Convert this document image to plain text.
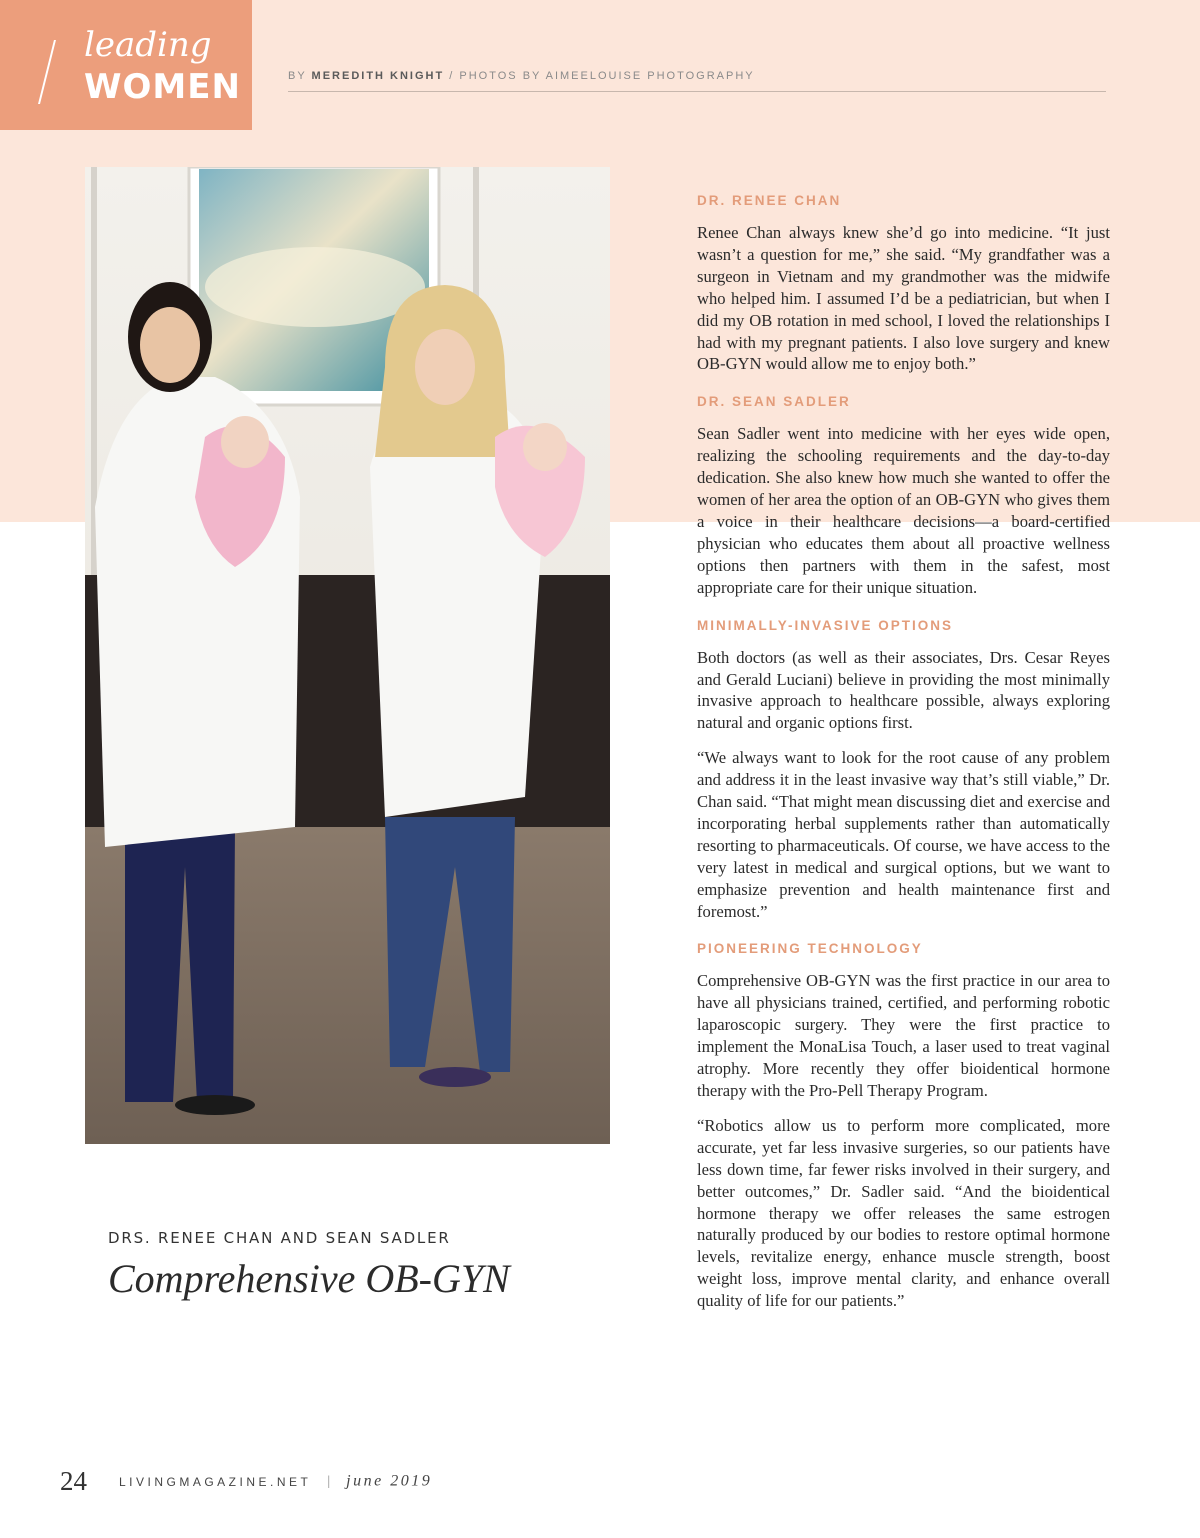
leading
WOMEN	BY MEREDITH KNIGHT / PHOTOS BY AIMEELOUISE PHOTOGRAPHY
DR. RENEE CHAN

Renee Chan always knew she’d go into medicine. “It just wasn’t a question for me,” she said. “My grandfather was a surgeon in Vietnam and my grandmother was the midwife who helped him. I assumed I’d be a pediatrician, but when I did my OB rotation in med school, I loved the relationships I had with my pregnant patients. I also love surgery and knew OB-GYN would allow me to enjoy both.”

DR. SEAN SADLER

Sean Sadler went into medicine with her eyes wide open, realizing the schooling requirements and the day-to-day dedication. She also knew how much she wanted to offer the women of her area the option of an OB-GYN who gives them a voice in their healthcare decisions—a board-certified physician who educates them about all proactive wellness options then partners with them in the safest, most appropriate care for their unique situation.

MINIMALLY-INVASIVE OPTIONS

Both doctors (as well as their associates, Drs. Cesar Reyes and Gerald Luciani) believe in providing the most minimally invasive approach to healthcare possible, always exploring natural and organic options first.

“We always want to look for the root cause of any problem and address it in the least invasive way that’s still viable,” Dr. Chan said. “That might mean discussing diet and exercise and incorporating herbal supplements rather than automatically resorting to pharmaceuticals. Of course, we have access to the very latest in medical and surgical options, but we want to emphasize prevention and health maintenance first and foremost.”

PIONEERING TECHNOLOGY

Comprehensive OB-GYN was the first practice in our area to have all physicians trained, certified, and performing robotic laparoscopic surgery. They were the first practice to implement the MonaLisa Touch, a laser used to treat vaginal atrophy. More recently they offer bioidentical hormone therapy with the Pro-Pell Therapy Program.

“Robotics allow us to perform more complicated, more accurate, yet far less invasive surgeries, so our patients have less down time, far fewer risks involved in their surgery, and better outcomes,” Dr. Sadler said. “And the bioidentical hormone therapy we offer releases the same estrogen naturally produced by our bodies to restore optimal hormone levels, revitalize energy, enhance muscle strength, boost weight loss, improve mental clarity, and enhance overall quality of life for our patients.”

DRS. RENEE CHAN AND SEAN SADLER
Comprehensive OB-GYN
24	LIVINGMAGAZINE.NET | june 2019
